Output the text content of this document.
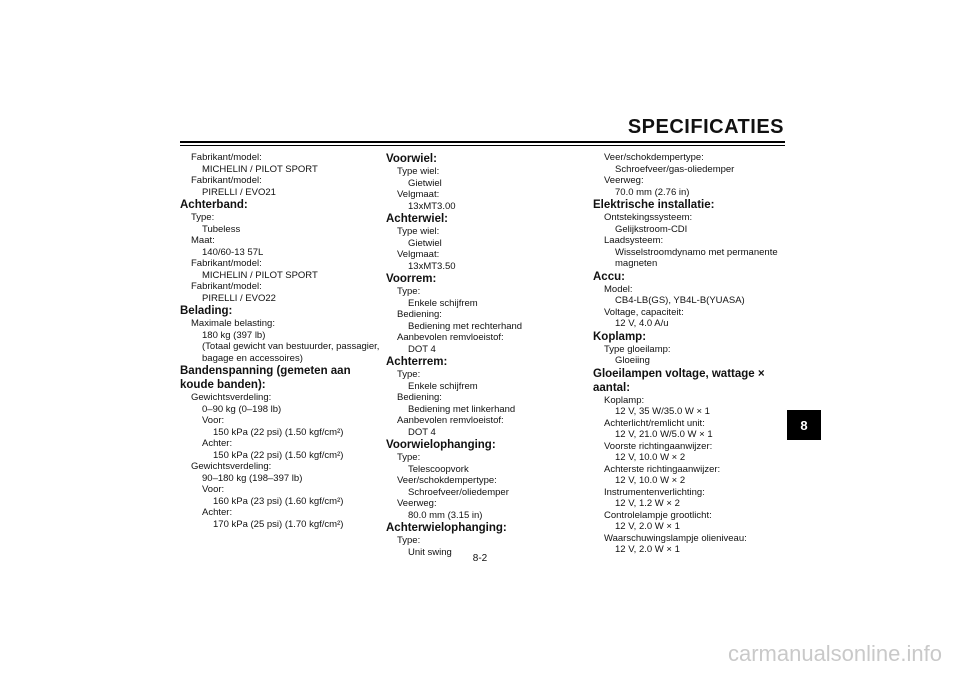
SPECIFICATIES
Fabrikant/model:
MICHELIN / PILOT SPORT
Fabrikant/model:
PIRELLI / EVO21
Achterband:
Type:
Tubeless
Maat:
140/60-13 57L
Fabrikant/model:
MICHELIN / PILOT SPORT
Fabrikant/model:
PIRELLI / EVO22
Belading:
Maximale belasting:
180 kg (397 lb)
(Totaal gewicht van bestuurder, passagier,
bagage en accessoires)
Bandenspanning (gemeten aan koude banden):
Gewichtsverdeling:
0–90 kg (0–198 lb)
Voor:
150 kPa (22 psi) (1.50 kgf/cm²)
Achter:
150 kPa (22 psi) (1.50 kgf/cm²)
Gewichtsverdeling:
90–180 kg (198–397 lb)
Voor:
160 kPa (23 psi) (1.60 kgf/cm²)
Achter:
170 kPa (25 psi) (1.70 kgf/cm²)
Voorwiel:
Type wiel:
Gietwiel
Velgmaat:
13xMT3.00
Achterwiel:
Type wiel:
Gietwiel
Velgmaat:
13xMT3.50
Voorrem:
Type:
Enkele schijfrem
Bediening:
Bediening met rechterhand
Aanbevolen remvloeistof:
DOT 4
Achterrem:
Type:
Enkele schijfrem
Bediening:
Bediening met linkerhand
Aanbevolen remvloeistof:
DOT 4
Voorwielophanging:
Type:
Telescoopvork
Veer/schokdempertype:
Schroefveer/oliedemper
Veerweg:
80.0 mm (3.15 in)
Achterwielophanging:
Type:
Unit swing
Veer/schokdempertype:
Schroefveer/gas-oliedemper
Veerweg:
70.0 mm (2.76 in)
Elektrische installatie:
Ontstekingssysteem:
Gelijkstroom-CDI
Laadsysteem:
Wisselstroomdynamo met permanente
magneten
Accu:
Model:
CB4-LB(GS), YB4L-B(YUASA)
Voltage, capaciteit:
12 V, 4.0 A/u
Koplamp:
Type gloeilamp:
Gloeiing
Gloeilampen voltage, wattage × aantal:
Koplamp:
12 V, 35 W/35.0 W × 1
Achterlicht/remlicht unit:
12 V, 21.0 W/5.0 W × 1
Voorste richtingaanwijzer:
12 V, 10.0 W × 2
Achterste richtingaanwijzer:
12 V, 10.0 W × 2
Instrumentenverlichting:
12 V, 1.2 W × 2
Controlelampje grootlicht:
12 V, 2.0 W × 1
Waarschuwingslampje olieniveau:
12 V, 2.0 W × 1
8-2
8
carmanualsonline.info
